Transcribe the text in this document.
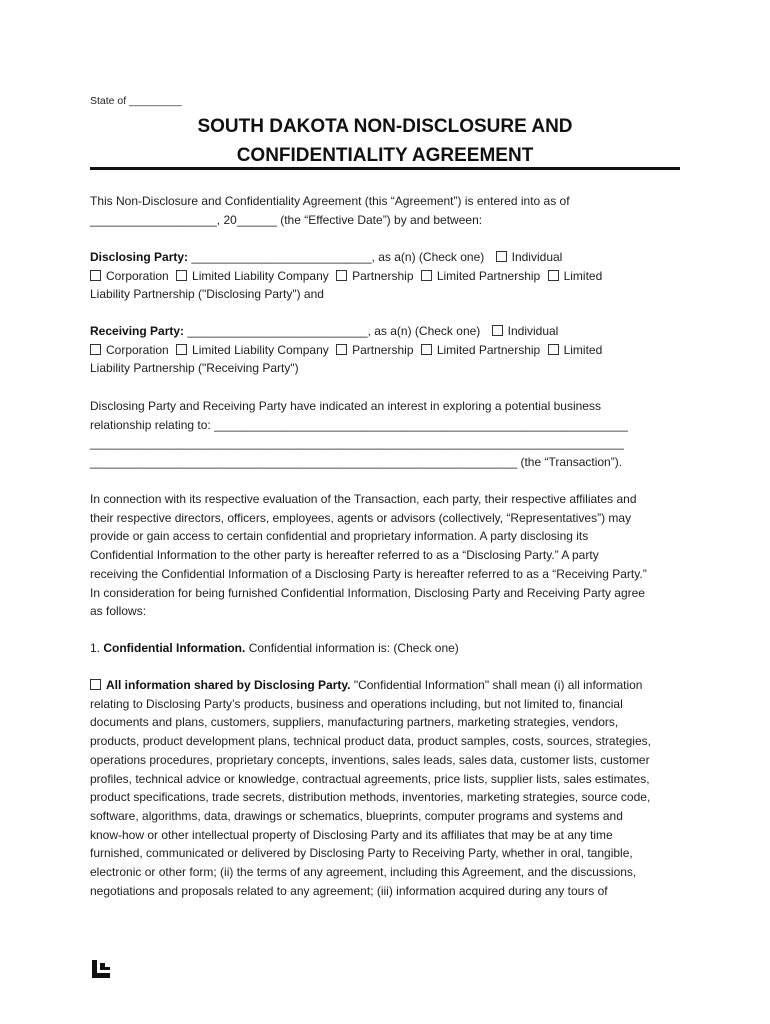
State of _________
SOUTH DAKOTA NON-DISCLOSURE AND
CONFIDENTIALITY AGREEMENT
This Non-Disclosure and Confidentiality Agreement (this “Agreement”) is entered into as of
___________________, 20______ (the “Effective Date”) by and between:
Disclosing Party: ___________________________, as a(n) (Check one) Individual
Corporation Limited Liability Company Partnership Limited Partnership Limited
Liability Partnership ("Disclosing Party") and
Receiving Party: ___________________________, as a(n) (Check one) Individual
Corporation Limited Liability Company Partnership Limited Partnership Limited
Liability Partnership ("Receiving Party")
Disclosing Party and Receiving Party have indicated an interest in exploring a potential business
relationship relating to: ______________________________________________________________
________________________________________________________________________________
________________________________________________________________ (the “Transaction”).
In connection with its respective evaluation of the Transaction, each party, their respective affiliates and
their respective directors, officers, employees, agents or advisors (collectively, “Representatives”) may
provide or gain access to certain confidential and proprietary information. A party disclosing its
Confidential Information to the other party is hereafter referred to as a “Disclosing Party.” A party
receiving the Confidential Information of a Disclosing Party is hereafter referred to as a “Receiving Party.”
In consideration for being furnished Confidential Information, Disclosing Party and Receiving Party agree
as follows:
1. Confidential Information. Confidential information is: (Check one)
All information shared by Disclosing Party. "Confidential Information" shall mean (i) all information
relating to Disclosing Party’s products, business and operations including, but not limited to, financial
documents and plans, customers, suppliers, manufacturing partners, marketing strategies, vendors,
products, product development plans, technical product data, product samples, costs, sources, strategies,
operations procedures, proprietary concepts, inventions, sales leads, sales data, customer lists, customer
profiles, technical advice or knowledge, contractual agreements, price lists, supplier lists, sales estimates,
product specifications, trade secrets, distribution methods, inventories, marketing strategies, source code,
software, algorithms, data, drawings or schematics, blueprints, computer programs and systems and
know-how or other intellectual property of Disclosing Party and its affiliates that may be at any time
furnished, communicated or delivered by Disclosing Party to Receiving Party, whether in oral, tangible,
electronic or other form; (ii) the terms of any agreement, including this Agreement, and the discussions,
negotiations and proposals related to any agreement; (iii) information acquired during any tours of
